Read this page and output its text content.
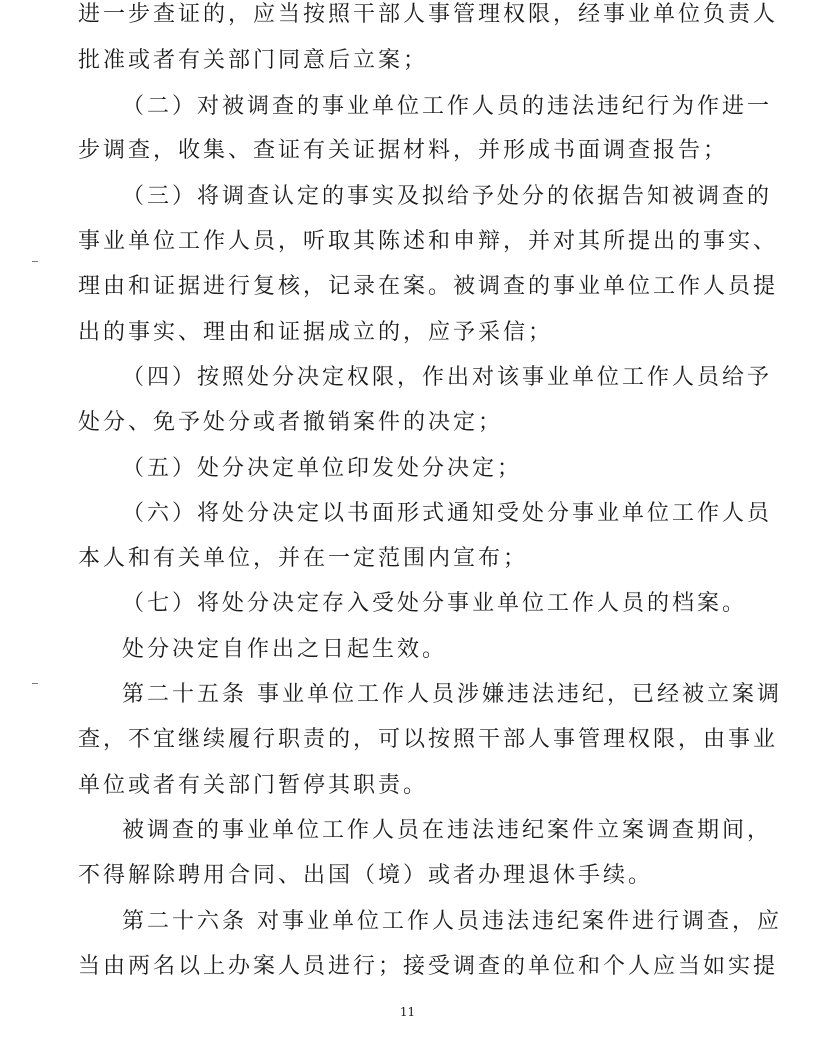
进一步查证的，应当按照干部人事管理权限，经事业单位负责人
批准或者有关部门同意后立案；
（二）对被调查的事业单位工作人员的违法违纪行为作进一
步调查，收集、查证有关证据材料，并形成书面调查报告；
（三）将调查认定的事实及拟给予处分的依据告知被调查的
事业单位工作人员，听取其陈述和申辩，并对其所提出的事实、
理由和证据进行复核，记录在案。被调查的事业单位工作人员提
出的事实、理由和证据成立的，应予采信；
（四）按照处分决定权限，作出对该事业单位工作人员给予
处分、免予处分或者撤销案件的决定；
（五）处分决定单位印发处分决定；
（六）将处分决定以书面形式通知受处分事业单位工作人员
本人和有关单位，并在一定范围内宣布；
（七）将处分决定存入受处分事业单位工作人员的档案。
处分决定自作出之日起生效。
第二十五条 事业单位工作人员涉嫌违法违纪，已经被立案调
查，不宜继续履行职责的，可以按照干部人事管理权限，由事业
单位或者有关部门暂停其职责。
被调查的事业单位工作人员在违法违纪案件立案调查期间，
不得解除聘用合同、出国（境）或者办理退休手续。
第二十六条 对事业单位工作人员违法违纪案件进行调查，应
当由两名以上办案人员进行；接受调查的单位和个人应当如实提
11
